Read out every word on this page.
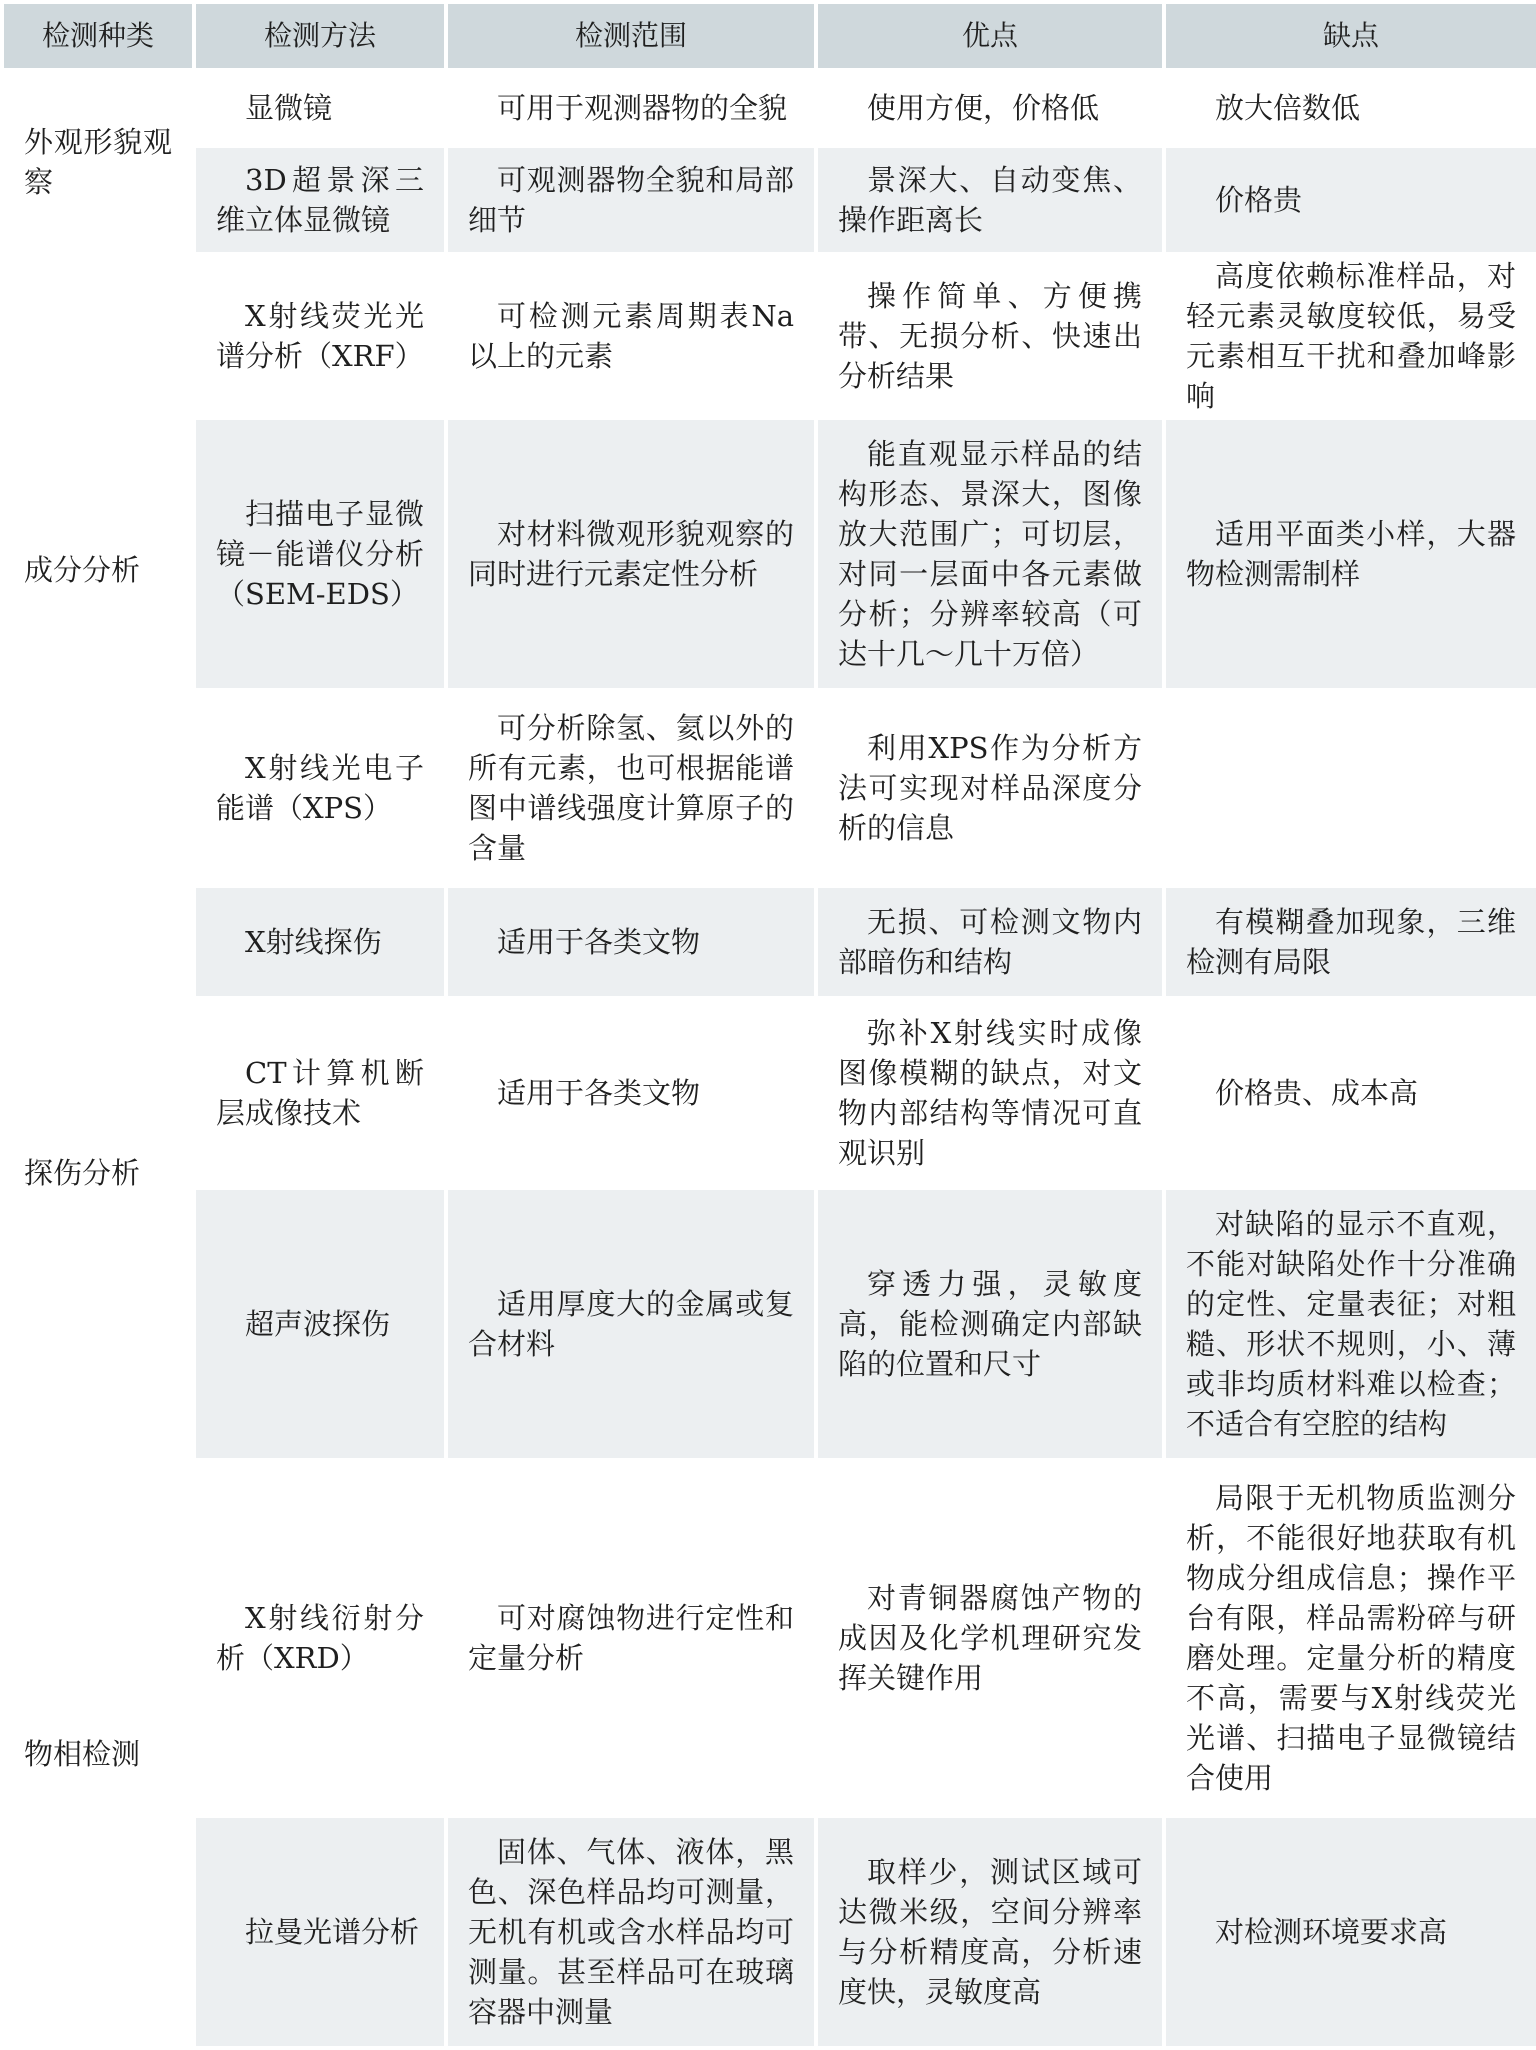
检测种类	检测方法	检测范围	优点	缺点
外观形貌观察	显微镜	可用于观测器物的全貌	使用方便，价格低	放大倍数低
	3D超景深三维立体显微镜	可观测器物全貌和局部细节	景深大、自动变焦、操作距离长	价格贵
成分分析	X射线荧光光谱分析（XRF）	可检测元素周期表Na以上的元素	操作简单、方便携带、无损分析、快速出分析结果	高度依赖标准样品，对轻元素灵敏度较低，易受元素相互干扰和叠加峰影响
	扫描电子显微镜－能谱仪分析（SEM-EDS）	对材料微观形貌观察的同时进行元素定性分析	能直观显示样品的结构形态、景深大，图像放大范围广；可切层，对同一层面中各元素做分析；分辨率较高（可达十几～几十万倍）	适用平面类小样，大器物检测需制样
	X射线光电子能谱（XPS）	可分析除氢、氦以外的所有元素，也可根据能谱图中谱线强度计算原子的含量	利用XPS作为分析方法可实现对样品深度分析的信息	
探伤分析	X射线探伤	适用于各类文物	无损、可检测文物内部暗伤和结构	有模糊叠加现象，三维检测有局限
	CT计算机断层成像技术	适用于各类文物	弥补X射线实时成像图像模糊的缺点，对文物内部结构等情况可直观识别	价格贵、成本高
	超声波探伤	适用厚度大的金属或复合材料	穿透力强，灵敏度高，能检测确定内部缺陷的位置和尺寸	对缺陷的显示不直观，不能对缺陷处作十分准确的定性、定量表征；对粗糙、形状不规则，小、薄或非均质材料难以检查；不适合有空腔的结构
物相检测	X射线衍射分析（XRD）	可对腐蚀物进行定性和定量分析	对青铜器腐蚀产物的成因及化学机理研究发挥关键作用	局限于无机物质监测分析，不能很好地获取有机物成分组成信息；操作平台有限，样品需粉碎与研磨处理。定量分析的精度不高，需要与X射线荧光光谱、扫描电子显微镜结合使用
	拉曼光谱分析	固体、气体、液体，黑色、深色样品均可测量，无机有机或含水样品均可测量。甚至样品可在玻璃容器中测量	取样少，测试区域可达微米级，空间分辨率与分析精度高，分析速度快，灵敏度高	对检测环境要求高
